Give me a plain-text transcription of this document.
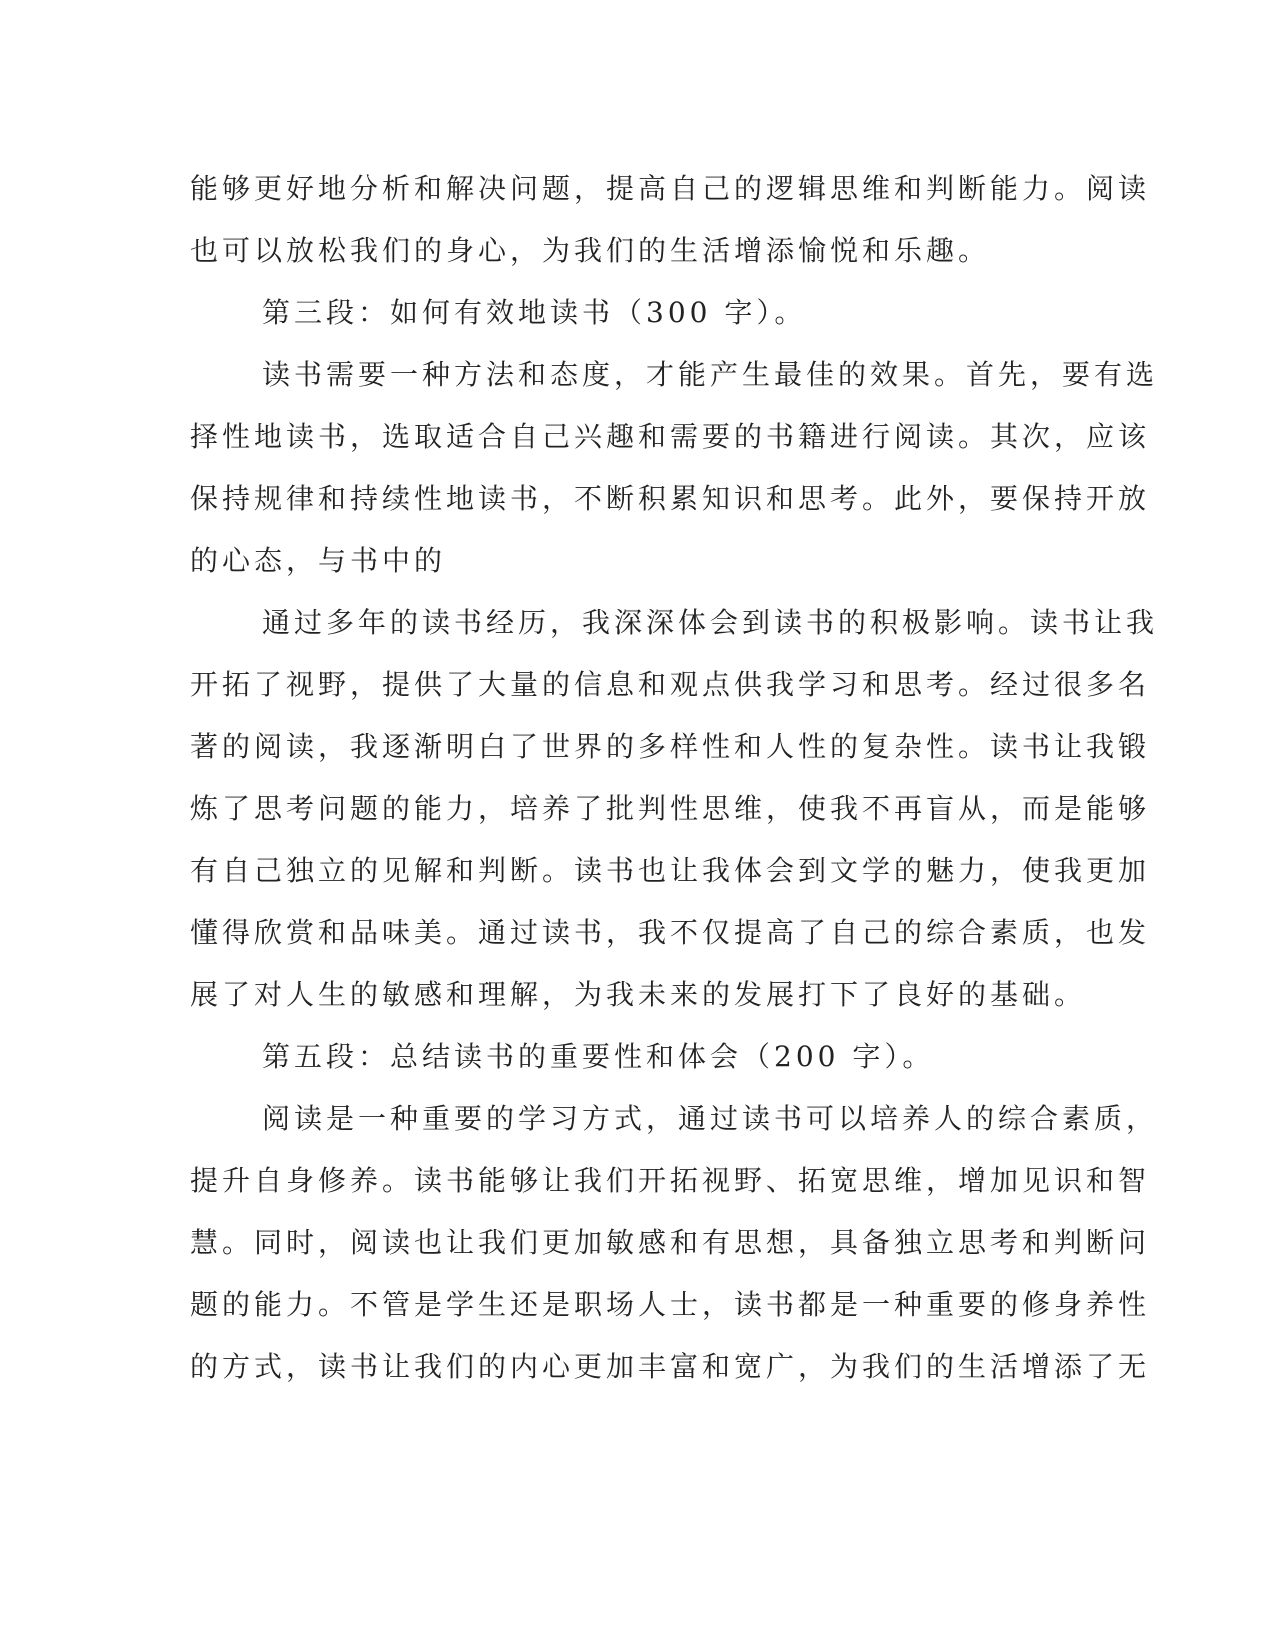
能够更好地分析和解决问题，提高自己的逻辑思维和判断能力。阅读
也可以放松我们的身心，为我们的生活增添愉悦和乐趣。
第三段：如何有效地读书（300 字）。
读书需要一种方法和态度，才能产生最佳的效果。首先，要有选
择性地读书，选取适合自己兴趣和需要的书籍进行阅读。其次，应该
保持规律和持续性地读书，不断积累知识和思考。此外，要保持开放
的心态，与书中的
通过多年的读书经历，我深深体会到读书的积极影响。读书让我
开拓了视野，提供了大量的信息和观点供我学习和思考。经过很多名
著的阅读，我逐渐明白了世界的多样性和人性的复杂性。读书让我锻
炼了思考问题的能力，培养了批判性思维，使我不再盲从，而是能够
有自己独立的见解和判断。读书也让我体会到文学的魅力，使我更加
懂得欣赏和品味美。通过读书，我不仅提高了自己的综合素质，也发
展了对人生的敏感和理解，为我未来的发展打下了良好的基础。
第五段：总结读书的重要性和体会（200 字）。
阅读是一种重要的学习方式，通过读书可以培养人的综合素质，
提升自身修养。读书能够让我们开拓视野、拓宽思维，增加见识和智
慧。同时，阅读也让我们更加敏感和有思想，具备独立思考和判断问
题的能力。不管是学生还是职场人士，读书都是一种重要的修身养性
的方式，读书让我们的内心更加丰富和宽广，为我们的生活增添了无
